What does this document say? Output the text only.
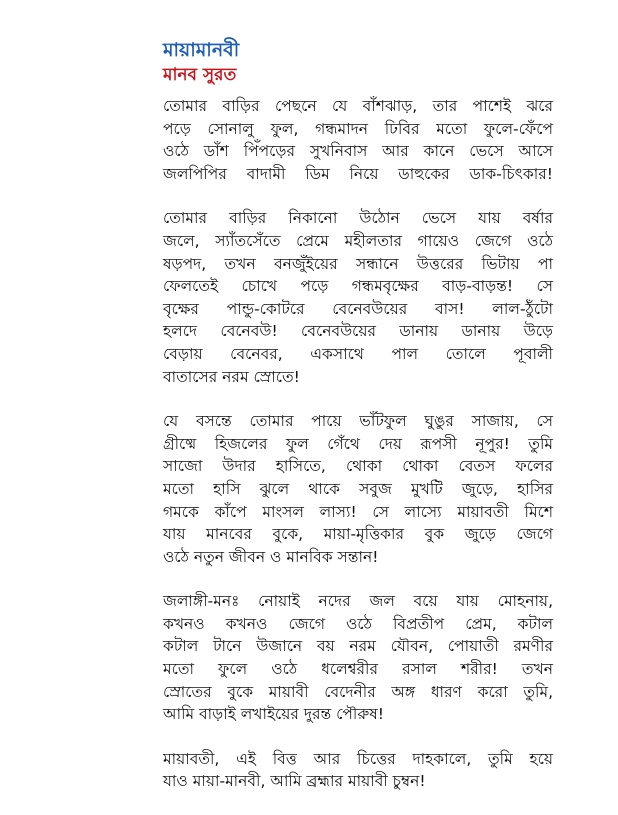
মায়ামানবী
মানব সুরত

তোমার বাড়ির পেছনে যে বাঁশঝাড়, তার পাশেই ঝরে
পড়ে সোনালু ফুল, গন্ধমাদন ঢিবির মতো ফুলে-ফেঁপে
ওঠে ডাঁশ পিঁপড়ের সুখনিবাস আর কানে ভেসে আসে
জলপিপির বাদামী ডিম নিয়ে ডাহুকের ডাক-চিৎকার!

তোমার বাড়ির নিকানো উঠোন ভেসে যায় বর্ষার
জলে, স্যাঁতসেঁতে প্রেমে মহীলতার গায়েও জেগে ওঠে
ষড়পদ, তখন বনজুঁইয়ের সন্ধানে উত্তরের ভিটায় পা
ফেলতেই চোখে পড়ে গন্ধমবৃক্ষের বাড়-বাড়ন্ত! সে
বৃক্ষের পান্ডু-কোটরে বেনেবউয়ের বাস! লাল-ঠুঁটো
হলদে বেনেবউ! বেনেবউয়ের ডানায় ডানায় উড়ে
বেড়ায় বেনেবর, একসাথে পাল তোলে পূবালী
বাতাসের নরম স্রোতে!

যে বসন্তে তোমার পায়ে ভাঁটফুল ঘুঙুর সাজায়, সে
গ্রীষ্মে হিজলের ফুল গেঁথে দেয় রূপসী নূপুর! তুমি
সাজো উদার হাসিতে, থোকা থোকা বেতস ফলের
মতো হাসি ঝুলে থাকে সবুজ মুখটি জুড়ে, হাসির
গমকে কাঁপে মাংসল লাস্য! সে লাস্যে মায়াবতী মিশে
যায় মানবের বুকে, মায়া-মৃত্তিকার বুক জুড়ে জেগে
ওঠে নতুন জীবন ও মানবিক সন্তান!

জলাঙ্গী-মনঃ নোয়াই নদের জল বয়ে যায় মোহনায়,
কখনও কখনও জেগে ওঠে বিপ্রতীপ প্রেম, কটাল
কটাল টানে উজানে বয় নরম যৌবন, পোয়াতী রমণীর
মতো ফুলে ওঠে ধলেশ্বরীর রসাল শরীর! তখন
স্রোতের বুকে মায়াবী বেদেনীর অঙ্গ ধারণ করো তুমি,
আমি বাড়াই লখাইয়ের দুরন্ত পৌরুষ!

মায়াবতী, এই বিত্ত আর চিত্তের দাহকালে, তুমি হয়ে
যাও মায়া-মানবী, আমি ব্রহ্মার মায়াবী চুম্বন!
